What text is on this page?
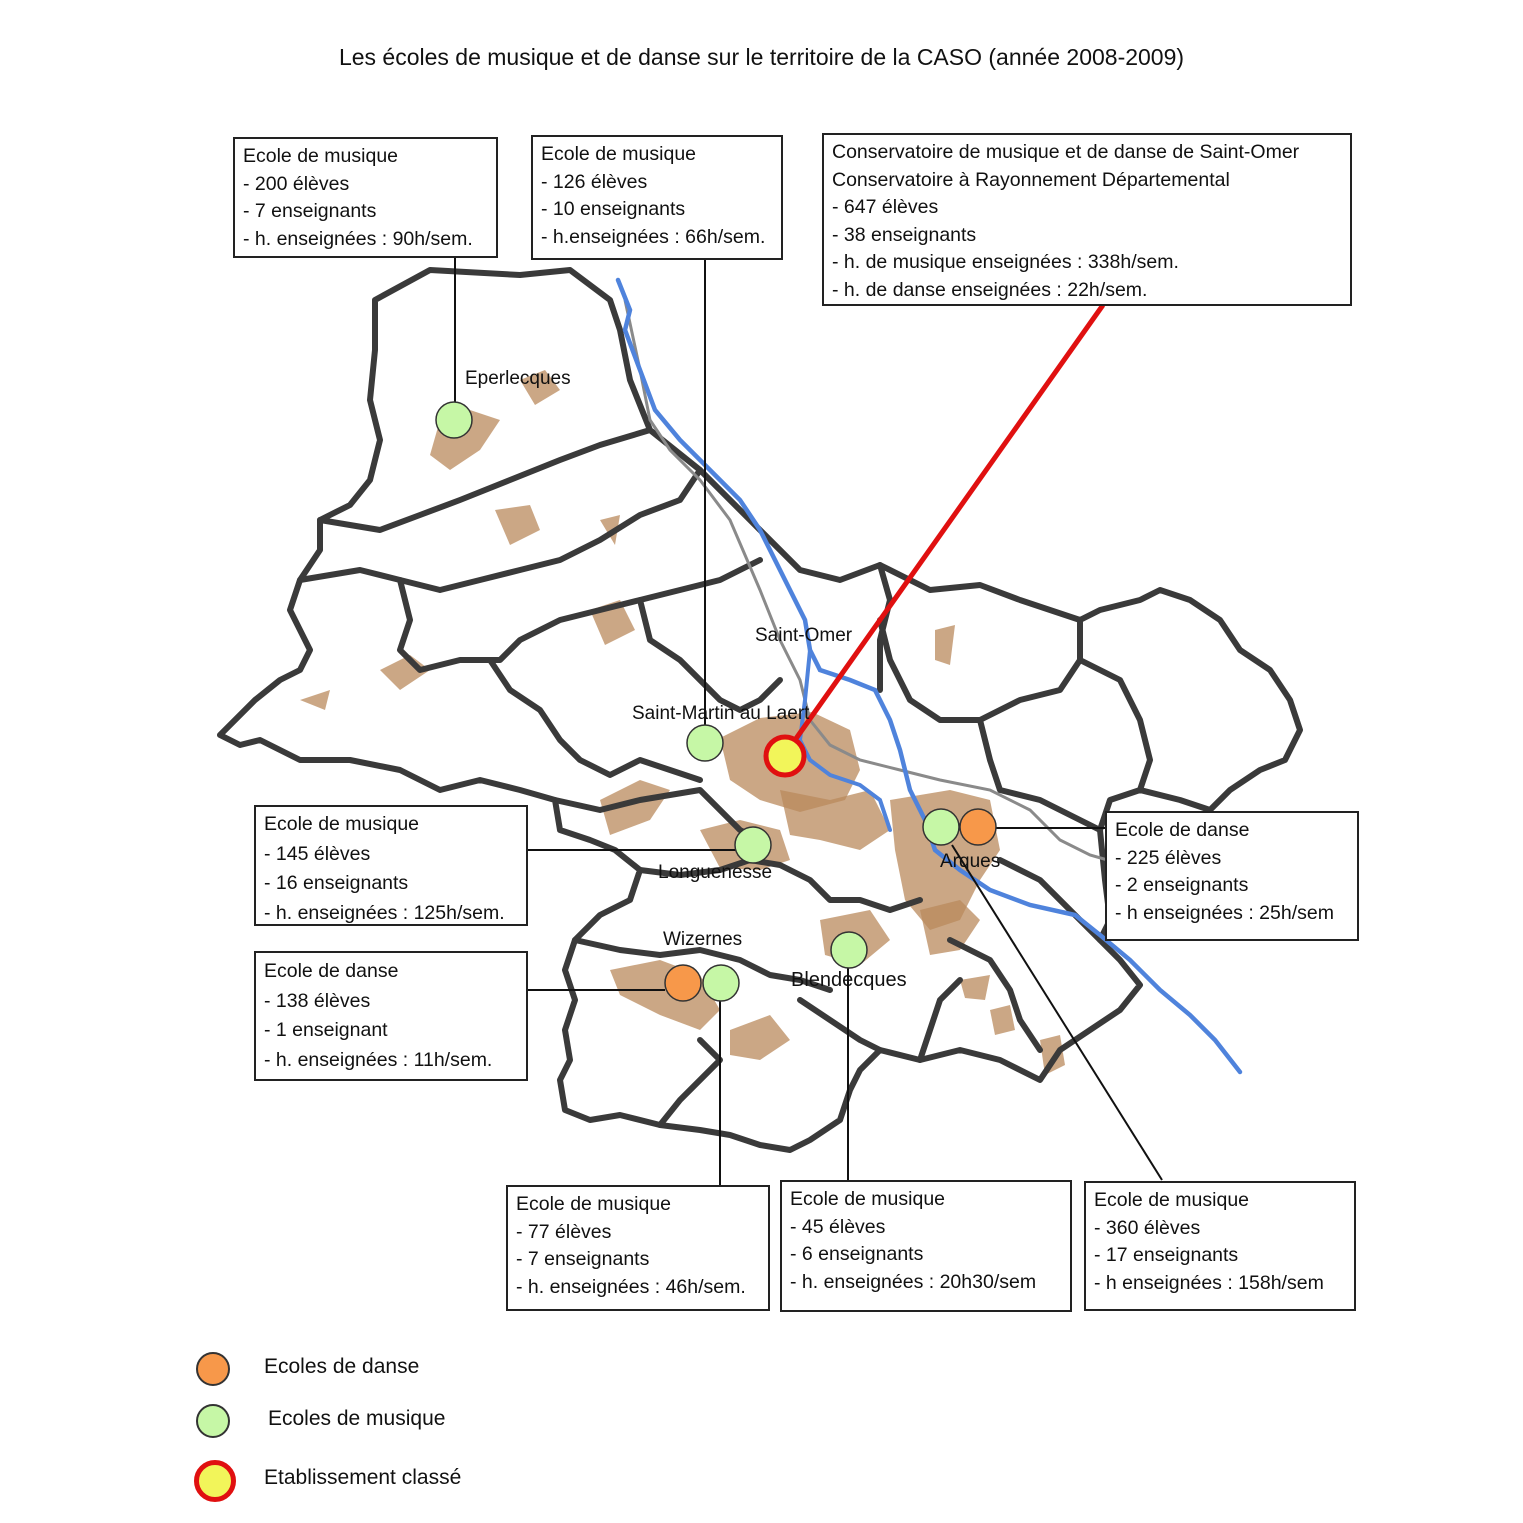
Les écoles de musique et de danse sur le territoire de la CASO (année 2008-2009)
Eperlecques
Saint-Omer
Saint-Martin au Laert
Longuenesse
Arques
Wizernes
Blendecques
Ecole de musique
- 200 élèves
- 7 enseignants
- h. enseignées : 90h/sem.
Ecole de musique
- 126 élèves
- 10 enseignants
- h.enseignées : 66h/sem.
Conservatoire de musique et de danse de Saint-Omer
Conservatoire à Rayonnement Départemental
- 647 élèves
- 38 enseignants
- h. de musique enseignées : 338h/sem.
- h. de danse enseignées : 22h/sem.
Ecole de musique
- 145 élèves
- 16 enseignants
- h. enseignées : 125h/sem.
Ecole de danse
- 225 élèves
- 2 enseignants
- h enseignées : 25h/sem
Ecole de danse
- 138 élèves
- 1 enseignant
- h. enseignées : 11h/sem.
Ecole de musique
- 77 élèves
- 7 enseignants
- h. enseignées : 46h/sem.
Ecole de musique
- 45 élèves
- 6 enseignants
- h. enseignées : 20h30/sem
Ecole de musique
- 360 élèves
- 17 enseignants
- h enseignées : 158h/sem
Ecoles de danse
Ecoles de musique
Etablissement classé
